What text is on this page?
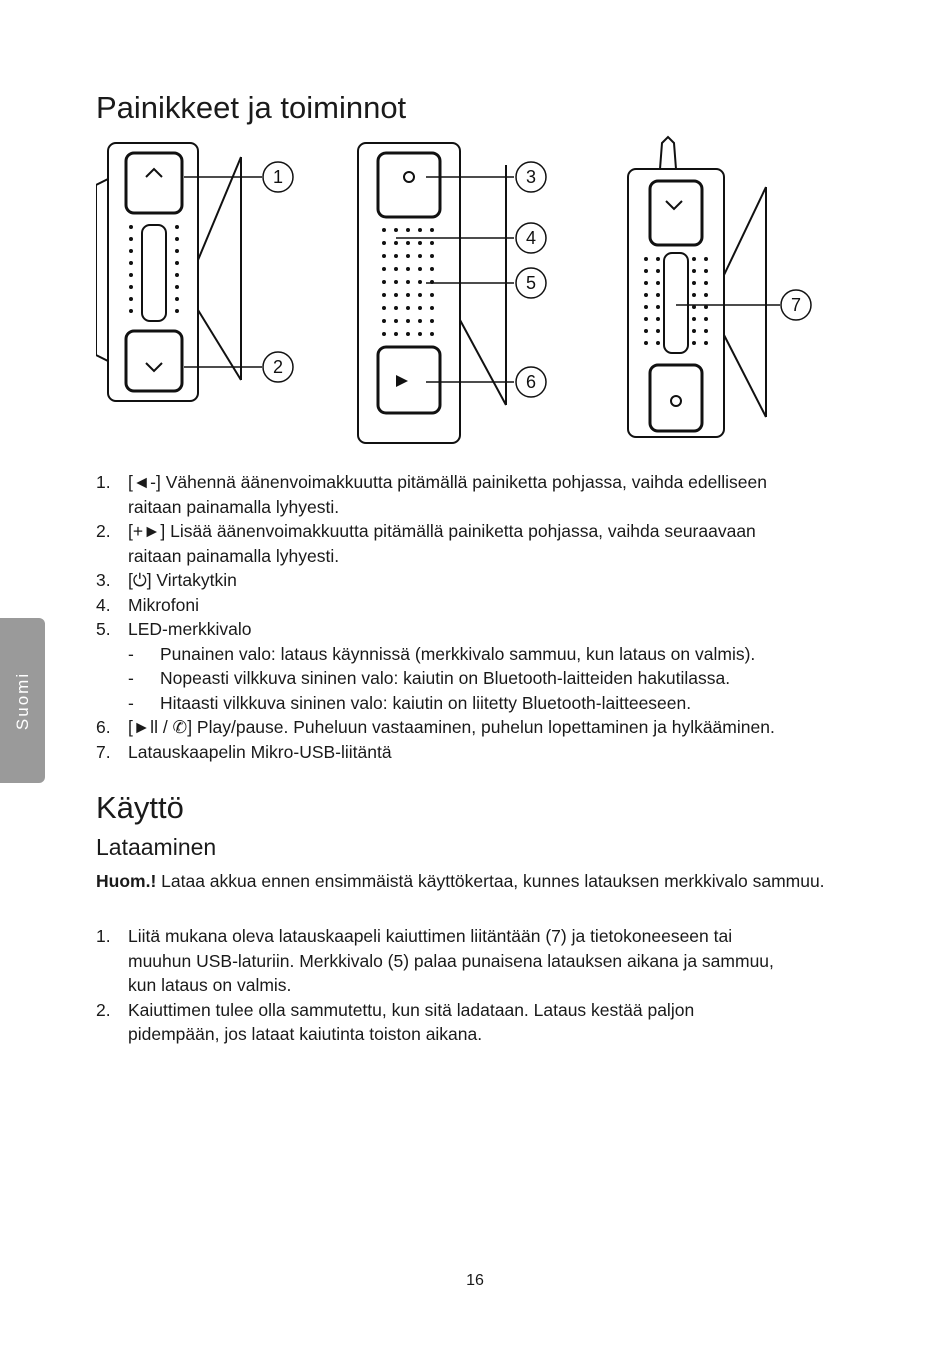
Suomi
Painikkeet ja toiminnot
1
2
3
4
5
6
7
1. [◄-] Vähennä äänenvoimakkuutta pitämällä painiketta pohjassa, vaihda edelliseen
raitaan painamalla lyhyesti.
2. [+►] Lisää äänenvoimakkuutta pitämällä painiketta pohjassa, vaihda seuraavaan
raitaan painamalla lyhyesti.
3. [⏻] Virtakytkin
4. Mikrofoni
5. LED-merkkivalo
- Punainen valo: lataus käynnissä (merkkivalo sammuu, kun lataus on valmis).
- Nopeasti vilkkuva sininen valo: kaiutin on Bluetooth-laitteiden hakutilassa.
- Hitaasti vilkkuva sininen valo: kaiutin on liitetty Bluetooth-laitteeseen.
6. [►ll / ✆] Play/pause. Puheluun vastaaminen, puhelun lopettaminen ja hylkääminen.
7. Latauskaapelin Mikro-USB-liitäntä
Käyttö
Lataaminen

Huom.! Lataa akkua ennen ensimmäistä käyttökertaa, kunnes latauksen merkkivalo sammuu.

1. Liitä mukana oleva latauskaapeli kaiuttimen liitäntään (7) ja tietokoneeseen tai
muuhun USB-laturiin. Merkkivalo (5) palaa punaisena latauksen aikana ja sammuu,
kun lataus on valmis.
2. Kaiuttimen tulee olla sammutettu, kun sitä ladataan. Lataus kestää paljon
pidempään, jos lataat kaiutinta toiston aikana.
16
